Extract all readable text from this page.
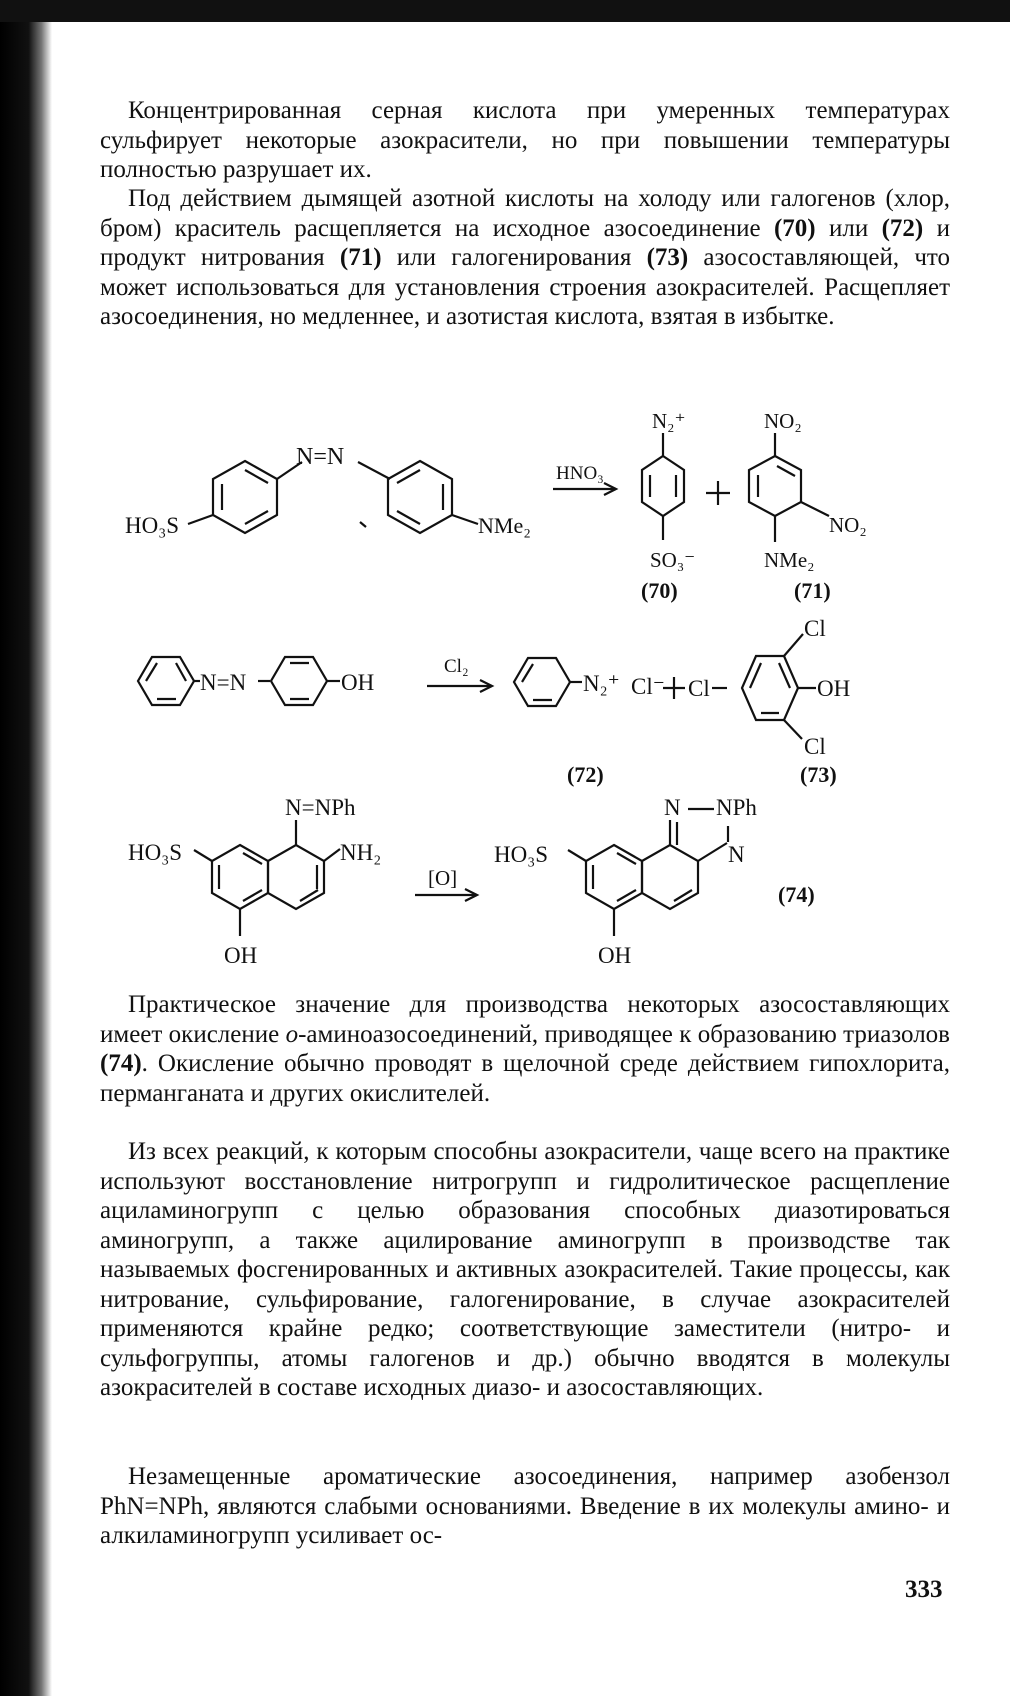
Концентрированная серная кислота при умеренных температурах сульфирует некоторые азокрасители, но при повышении температуры полностью разрушает их.

Под действием дымящей азотной кислоты на холоду или галогенов (хлор, бром) краситель расщепляется на исходное азосоединение (70) или (72) и продукт нитрования (71) или галогенирования (73) азосоставляющей, что может использоваться для установления строения азокрасителей. Расщепляет азосоединения, но медленнее, и азотистая кислота, взятая в избытке.

N=N
HO₃S	NMe₂
HNO₃
N₂⁺
SO₃⁻
NO₂
NO₂
NMe₂
(70)	(71)
N=N	OH
Cl₂
N₂⁺ Cl⁻ Cl
Cl
OH
Cl
(72)	(73)
N=NPh
HO₃S	NH₂
OH
[O]
HO₃S
N NPh
N
OH
(74)

Практическое значение для производства некоторых азосоставляющих имеет окисление о-аминоазосоединений, приводящее к образованию триазолов (74). Окисление обычно проводят в щелочной среде действием гипохлорита, перманганата и других окислителей.

Из всех реакций, к которым способны азокрасители, чаще всего на практике используют восстановление нитрогрупп и гидролитическое расщепление ациламиногрупп с целью образования способных диазотироваться аминогрупп, а также ацилирование аминогрупп в производстве так называемых фосгенированных и активных азокрасителей. Такие процессы, как нитрование, сульфирование, галогенирование, в случае азокрасителей применяются крайне редко; соответствующие заместители (нитро- и сульфогруппы, атомы галогенов и др.) обычно вводятся в молекулы азокрасителей в составе исходных диазо- и азосоставляющих.

Незамещенные ароматические азосоединения, например азобензол PhN=NPh, являются слабыми основаниями. Введение в их молекулы амино- и алкиламиногрупп усиливает ос-

333
